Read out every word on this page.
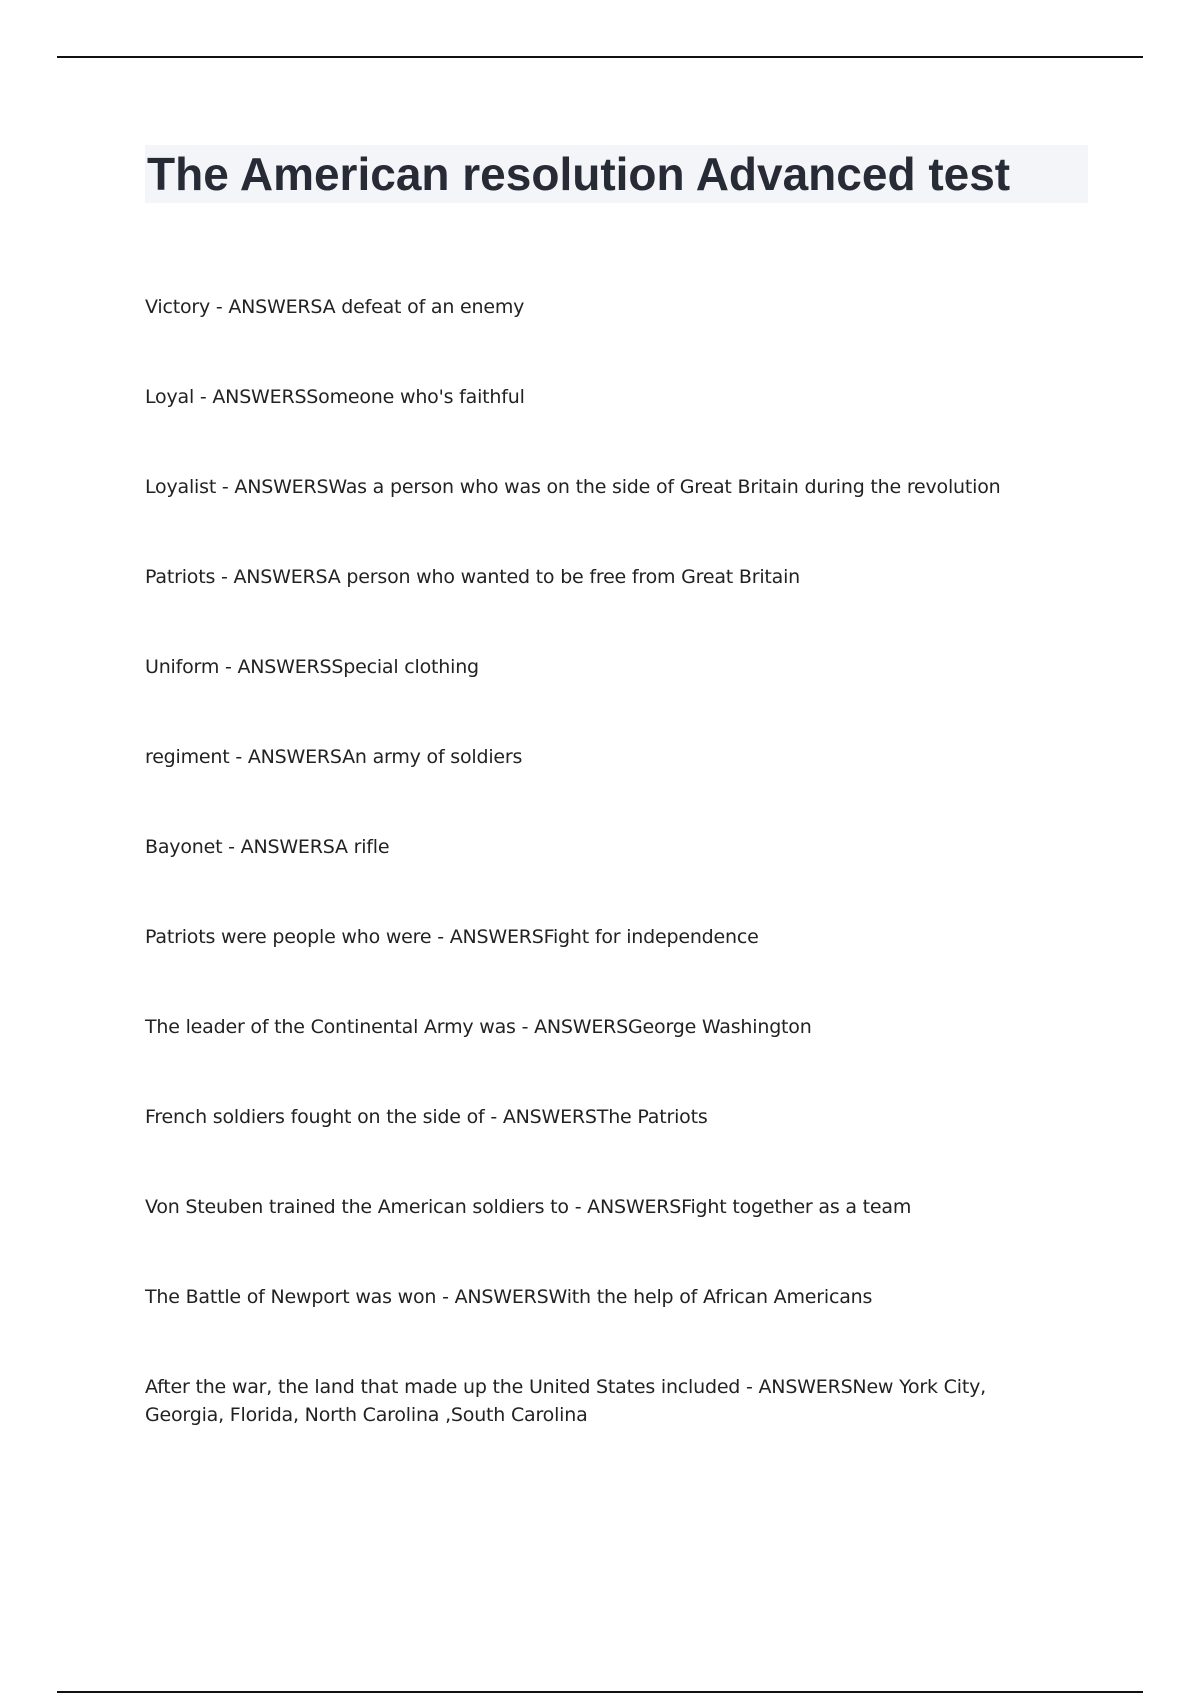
The American resolution Advanced test
Victory - ANSWERSA defeat of an enemy
Loyal - ANSWERSSomeone who's faithful
Loyalist - ANSWERSWas a person who was on the side of Great Britain during the revolution
Patriots - ANSWERSA person who wanted to be free from Great Britain
Uniform - ANSWERSSpecial clothing
regiment - ANSWERSAn army of soldiers
Bayonet - ANSWERSA rifle
Patriots were people who were - ANSWERSFight for independence
The leader of the Continental Army was - ANSWERSGeorge Washington
French soldiers fought on the side of - ANSWERSThe Patriots
Von Steuben trained the American soldiers to - ANSWERSFight together as a team
The Battle of Newport was won - ANSWERSWith the help of African Americans
After the war, the land that made up the United States included - ANSWERSNew York City, Georgia, Florida, North Carolina ,South Carolina
